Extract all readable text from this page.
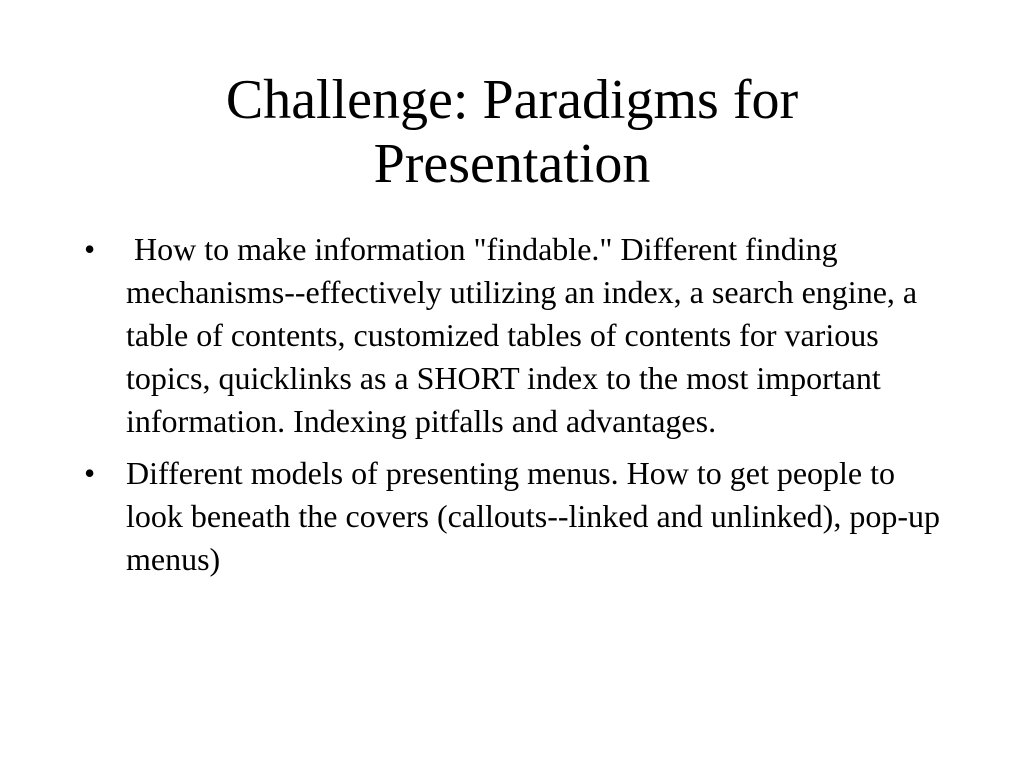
Challenge: Paradigms for Presentation
• How to make information "findable." Different finding mechanisms--effectively utilizing an index, a search engine, a table of contents, customized tables of contents for various topics, quicklinks as a SHORT index to the most important information. Indexing pitfalls and advantages.
• Different models of presenting menus. How to get people to look beneath the covers (callouts--linked and unlinked), pop-up menus)
